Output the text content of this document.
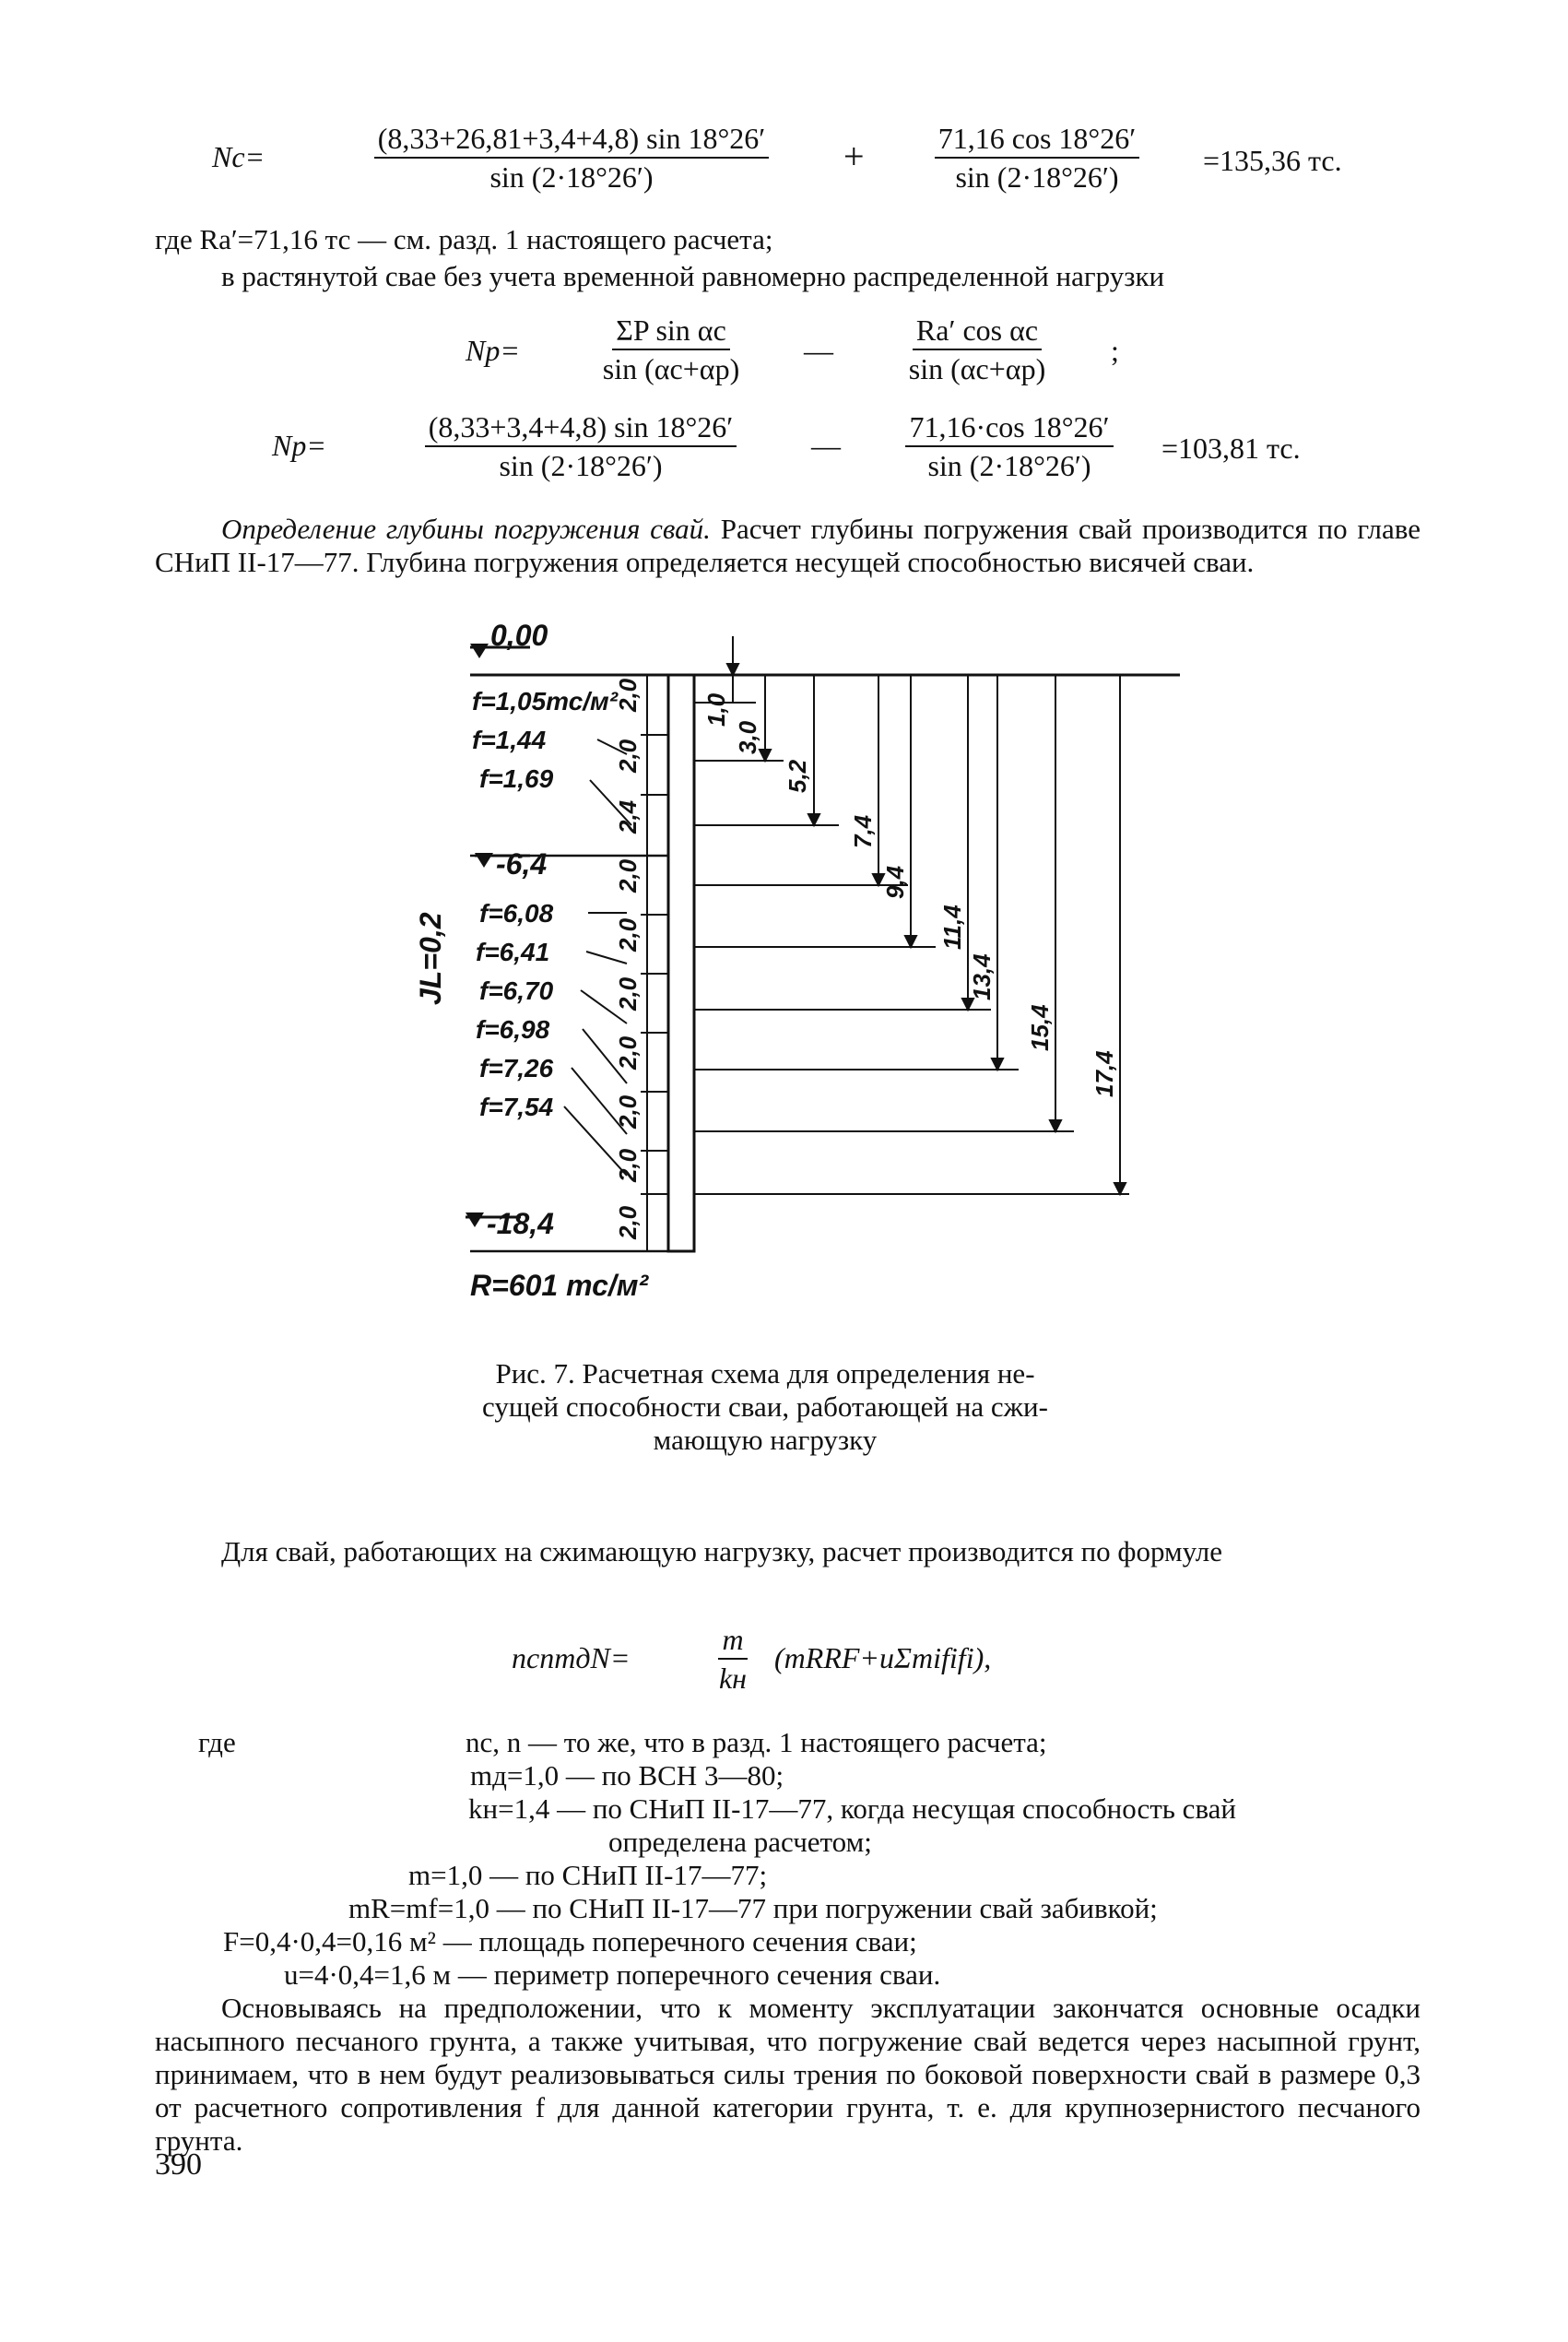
$Nc= \frac{(8,33+26,81+3,4+4,8) \sin 18^\circ 26'}{\sin (2\cdot 18^\circ 26')} + \frac{71,16 \cos 18^\circ 26'}{\sin (2\cdot 18^\circ 26')} =135,36$ тс.
где Rа′=71,16 тс — см. разд. 1 настоящего расчета;
в растянутой свае без учета временной равномерно распределенной нагрузки
$Np= \frac{\text{ΣP sin αc}}{\sin (\alpha c+\alpha p)}$ —
Rа′ cos αc
sin (αc+αp)
;
$Np= \frac{(8,33+3,4+4,8) \sin 18^\circ 26'}{\sin (2\cdot 18^\circ 26')}$ — $\frac{71,16\cdot\cos 18^\circ 26'}{\sin (2\cdot 18^\circ 26')} =103,81$ тс.
Определение глубины погружения свай. Расчет глубины погружения свай производится по главе СНиП II-17—77. Глубина погружения определяется несущей способностью висячей сваи.
0,00
-6,4
-18,4
2,0
2,0
2,4
2,0
2,0
2,0
2,0
2,0
2,0
2,0
f=1,05тс/м²
f=1,44
f=1,69
f=6,08
f=6,41
f=6,70
f=6,98
f=7,26
f=7,54
JL=0,2
1,0
3,0
5,2
7,4
9,4
11,4
13,4
15,4
17,4
R=601 тс/м²
Рис. 7. Расчетная схема для определения не-
сущей способности сваи, работающей на сжи-
мающую нагрузку
Для свай, работающих на сжимающую нагрузку, расчет производится по формуле
ncnmдN=
m
kн
(mRRF+uΣmififi),
где	nc, n — то же, что в разд. 1 настоящего расчета;
mд=1,0 — по ВСН 3—80;
kн=1,4 — по СНиП II-17—77, когда несущая способность свай
определена расчетом;
m=1,0 — по СНиП II-17—77;
mR=mf=1,0 — по СНиП II-17—77 при погружении свай забивкой;
F=0,4·0,4=0,16 м² — площадь поперечного сечения сваи;
u=4·0,4=1,6 м — периметр поперечного сечения сваи.
Основываясь на предположении, что к моменту эксплуатации закончатся основные осадки насыпного песчаного грунта, а также учитывая, что погружение свай ведется через насыпной грунт, принимаем, что в нем будут реализовываться силы трения по боковой поверхности свай в размере 0,3 от расчетного сопротивления f для данной категории грунта, т. е. для крупнозернистого песчаного грунта.
390
